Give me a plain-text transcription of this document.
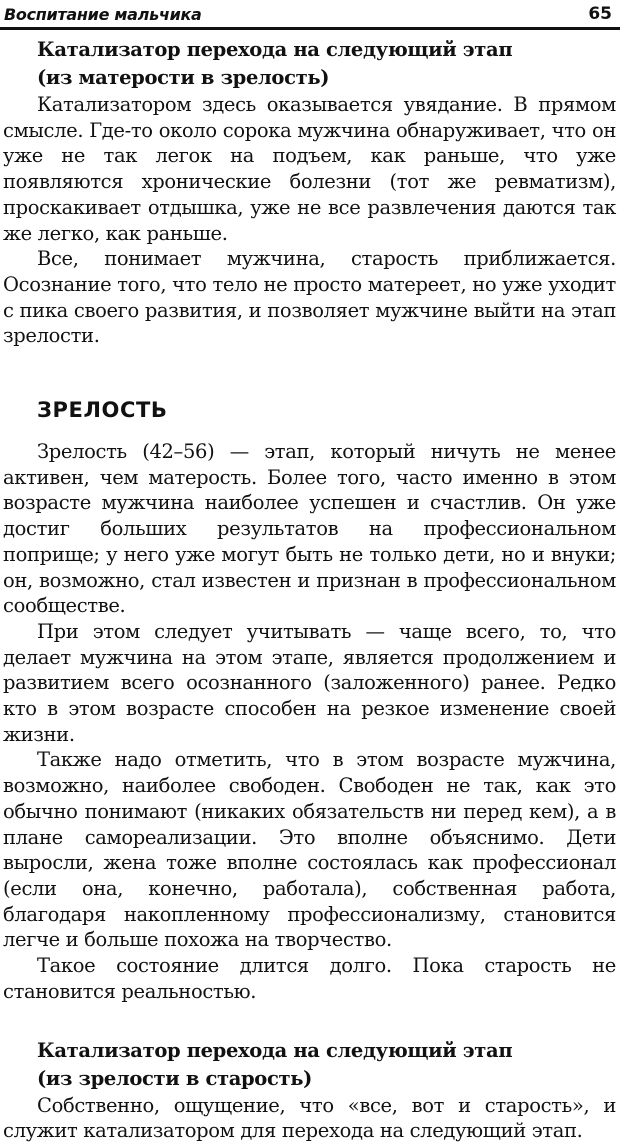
Воспитание мальчика	65
Катализатор перехода на следующий этап
(из матерости в зрелость)

Катализатором здесь оказывается увядание. В прямом смысле. Где-то около сорока мужчина обнаруживает, что он уже не так легок на подъем, как раньше, что уже появляются хронические болезни (тот же ревматизм), проскакивает отдышка, уже не все развлечения даются так же легко, как раньше.

Все, понимает мужчина, старость приближается. Осознание того, что тело не просто матереет, но уже уходит с пика своего развития, и позволяет мужчине выйти на этап зрелости.

ЗРЕЛОСТЬ

Зрелость (42–56) — этап, который ничуть не менее активен, чем матерость. Более того, часто именно в этом возрасте мужчина наиболее успешен и счастлив. Он уже достиг больших результатов на профессиональном поприще; у него уже могут быть не только дети, но и внуки; он, возможно, стал известен и признан в профессиональном сообществе.

При этом следует учитывать — чаще всего, то, что делает мужчина на этом этапе, является продолжением и развитием всего осознанного (заложенного) ранее. Редко кто в этом возрасте способен на резкое изменение своей жизни.

Также надо отметить, что в этом возрасте мужчина, возможно, наиболее свободен. Свободен не так, как это обычно понимают (никаких обязательств ни перед кем), а в плане самореализации. Это вполне объяснимо. Дети выросли, жена тоже вполне состоялась как профессионал (если она, конечно, работала), собственная работа, благодаря накопленному профессионализму, становится легче и больше похожа на творчество.

Такое состояние длится долго. Пока старость не становится реальностью.

Катализатор перехода на следующий этап
(из зрелости в старость)

Собственно, ощущение, что «все, вот и старость», и служит катализатором для перехода на следующий этап.
